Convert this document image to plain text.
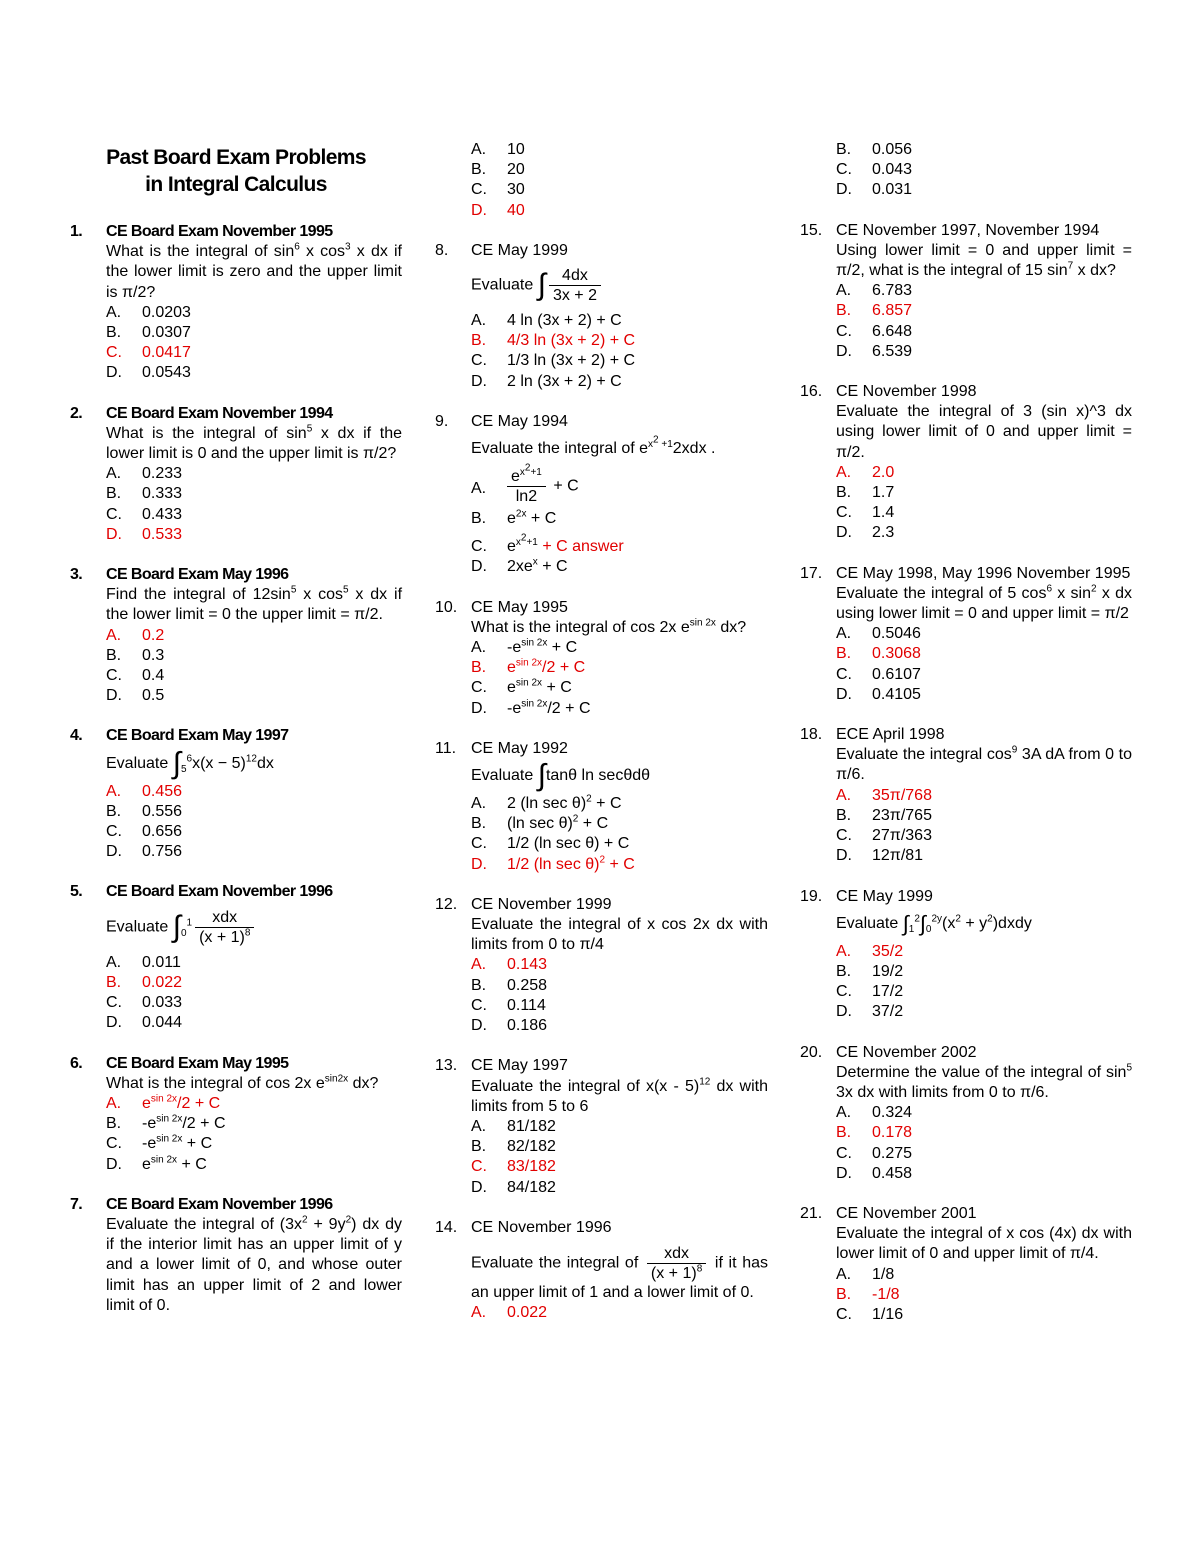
Past Board Exam Problems
in Integral Calculus
1. CE Board Exam November 1995
What is the integral of $\sin^6 x$ $\cos^3 x$ dx if the lower limit is zero and the upper limit is π/2?
A.	0.0203
B.	0.0307
C.	0.0417
D.	0.0543
2. CE Board Exam November 1994
What is the integral of $\sin^5 x$ dx if the lower limit is 0 and the upper limit is π/2?
A.	0.233
B.	0.333
C.	0.433
D.	0.533
3. CE Board Exam May 1996
Find the integral of $12\sin^5$ x $\cos^5 x$ dx if the lower limit = 0 the upper limit = π/2.
A.	0.2
B.	0.3
C.	0.4
D.	0.5
4. CE Board Exam May 1997
Evaluate $\int_5^6x(x - 5)^{12}dx$
A.	0.456
B.	0.556
C.	0.656
D.	0.756
5. CE Board Exam November 1996
Evaluate $\int_0^1$	xdx
$(x + 1)^8$
A.	0.011
B.	0.022
C.	0.033
D.	0.044
6. CE Board Exam May 1995
What is the integral of cos 2x $e^{sin2x}$ dx?
A.	$e^{sin 2x}/2 + C$
B.	$-e^{sin 2x}/2 + C$
C.	$-e^{sin 2x} + C$
D.	$e^{sin 2x} + C$
7. CE Board Exam November 1996
Evaluate the integral of $(3x^2 + 9y^2)$ dx dy if the interior limit has an upper limit of y and a lower limit of 0, and whose outer limit has an upper limit of 2 and lower limit of 0.
A.	10
B.	20
C.	30
D.	40
8. CE May 1999
Evaluate ∫ $\frac{4dx}{3x + 2}$
A.	4 ln (3x + 2) + C
B.	4/3 ln (3x + 2) + C
C.	1/3 ln (3x + 2) + C
D.	2 ln (3x + 2) + C
9. CE May 1994
Evaluate the integral of $e^{x^2 +1}2xdx$ .
A.	$\frac{e^{x^2+1}}{\ln 2} + C$
B.	$e^{2x} + C$
C.	$e^{x^2+1} + C$ answer
D.	$2xe^x + C$
10. CE May 1995
What is the integral of cos 2x $e^{sin 2x}$ dx?
A.	$-e^{sin 2x} + C$
B.	$e^{sin 2x}/2 + C$
C.	$e^{sin 2x} + C$
D.	$-e^{sin 2x}/2 + C$
11. CE May 1992
Evaluate ∫tanθ ln secθdθ
A.	2 (ln sec θ)$^2$ + C
B.	(ln sec θ)$^2$ + C
C.	1/2 (ln sec θ) + C
D.	1/2 (ln sec θ)$^2$ + C
12. CE November 1999
Evaluate the integral of x cos 2x dx with limits from 0 to π/4
A.	0.143
B.	0.258
C.	0.114
D.	0.186
13. CE May 1997
Evaluate the integral of x(x - 5)$^{12}$ dx with limits from 5 to 6
A.	81/182
B.	82/182
C.	83/182
D.	84/182
14. CE November 1996
Evaluate the integral of
xdx
$(x + 1)^8$ if it has an upper limit of 1 and a lower limit of 0.
A.	0.022
B.	0.056
C.	0.043
D.	0.031
15. CE November 1997, November 1994
Using lower limit = 0 and upper limit = π/2, what is the integral of 15 $\sin^7 x$ dx?
A.	6.783
B.	6.857
C.	6.648
D.	6.539
16. CE November 1998
Evaluate the integral of 3 (sin x)^3 dx using lower limit of 0 and upper limit = π/2.
A.	2.0
B.	1.7
C.	1.4
D.	2.3
17. CE May 1998, May 1996 November 1995
Evaluate the integral of 5 $\cos^6 x$ $\sin^2 x$ dx using lower limit = 0 and upper limit = π/2
A.	0.5046
B.	0.3068
C.	0.6107
D.	0.4105
18. ECE April 1998
Evaluate the integral $\cos^9 3A$ dA from 0 to π/6.
A.	35π/768
B.	23π/765
C.	27π/363
D.	12π/81
19. CE May 1999
Evaluate $\int_1^2\int_0^{2y}(x^2$ + $y^2)dxdy$
A.	35/2
B.	19/2
C.	17/2
D.	37/2
20. CE November 2002
Determine the value of the integral of $\sin^5 3x$ dx with limits from 0 to π/6.
A.	0.324
B.	0.178
C.	0.275
D.	0.458
21. CE November 2001
Evaluate the integral of x cos (4x) dx with lower limit of 0 and upper limit of π/4.
A.	1/8
B.	-1/8
C.	1/16
